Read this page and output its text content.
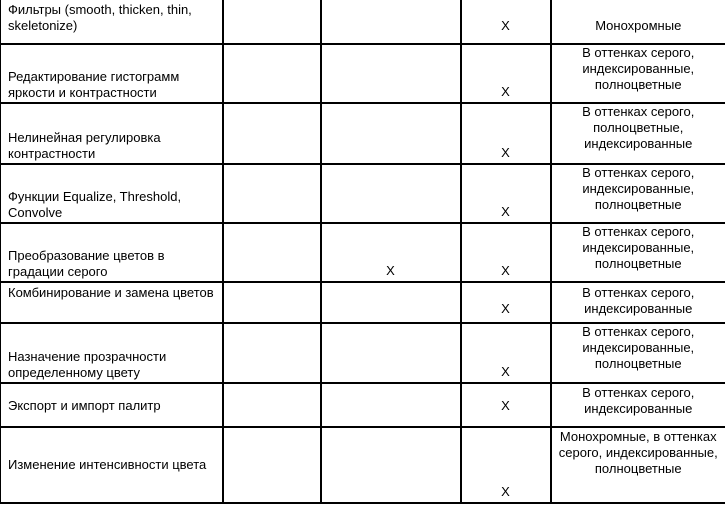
Фильтры (smooth, thicken, thin, skeletonize)			X	Монохромные

Редактирование гистограмм яркости и контрастности			X	В оттенках серого, индексированные, полноцветные

Нелинейная регулировка контрастности			X	В оттенках серого, полноцветные, индексированные

Функции Equalize, Threshold, Convolve			X	В оттенках серого, индексированные, полноцветные

Преобразование цветов в градации серого		X	X	В оттенках серого, индексированные, полноцветные

Комбинирование и замена цветов			X	В оттенках серого, индексированные

Назначение прозрачности определенному цвету			X	В оттенках серого, индексированные, полноцветные

Экспорт и импорт палитр			X	В оттенках серого, индексированные

Изменение интенсивности цвета			X	Монохромные, в оттенках серого, индексированные, полноцветные
